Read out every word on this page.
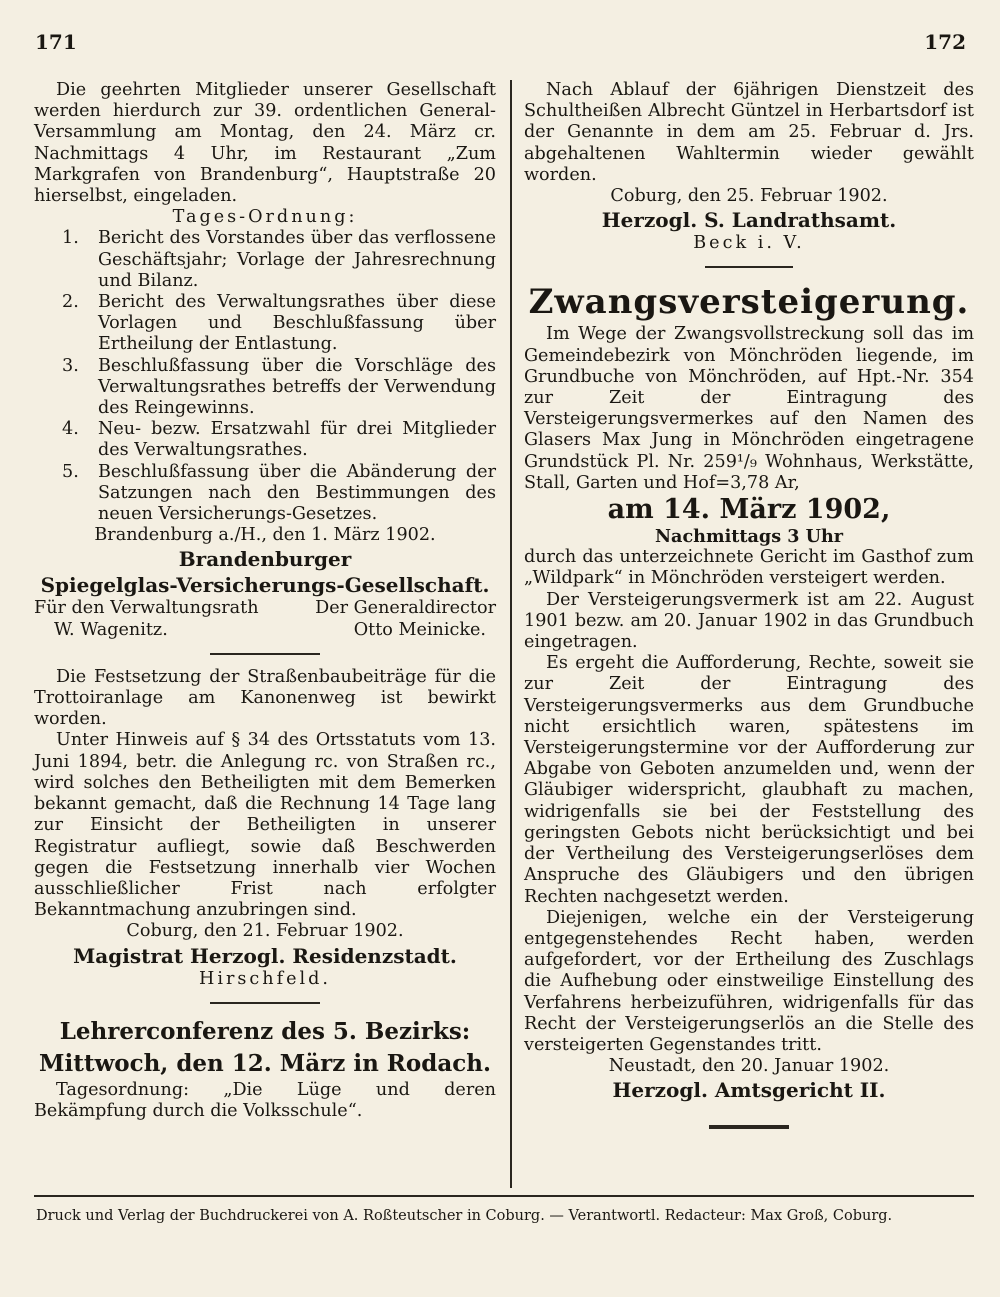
171	172

Die geehrten Mitglieder unserer Gesellschaft werden hierdurch zur 39. ordentlichen General-Versammlung am Montag, den 24. März cr. Nachmittags 4 Uhr, im Restaurant „Zum Markgrafen von Brandenburg“, Hauptstraße 20 hierselbst, eingeladen.

Tages-Ordnung:

1. Bericht des Vorstandes über das verflossene Geschäftsjahr; Vorlage der Jahresrechnung und Bilanz.
2. Bericht des Verwaltungsrathes über diese Vorlagen und Beschlußfassung über Ertheilung der Entlastung.
3. Beschlußfassung über die Vorschläge des Verwaltungsrathes betreffs der Verwendung des Reingewinns.
4. Neu- bezw. Ersatzwahl für drei Mitglieder des Verwaltungsrathes.
5. Beschlußfassung über die Abänderung der Satzungen nach den Bestimmungen des neuen Versicherungs-Gesetzes.

Brandenburg a./H., den 1. März 1902.

Brandenburger

Spiegelglas-Versicherungs-Gesellschaft.

Für den Verwaltungsrath

W. Wagenitz.

Der Generaldirector

Otto Meinicke.

Die Festsetzung der Straßenbaubeiträge für die Trottoiranlage am Kanonenweg ist bewirkt worden.

Unter Hinweis auf § 34 des Ortsstatuts vom 13. Juni 1894, betr. die Anlegung rc. von Straßen rc., wird solches den Betheiligten mit dem Bemerken bekannt gemacht, daß die Rechnung 14 Tage lang zur Einsicht der Betheiligten in unserer Registratur aufliegt, sowie daß Beschwerden gegen die Festsetzung innerhalb vier Wochen ausschließlicher Frist nach erfolgter Bekanntmachung anzubringen sind.

Coburg, den 21. Februar 1902.

Magistrat Herzogl. Residenzstadt.

Hirschfeld.

Lehrerconferenz des 5. Bezirks:

Mittwoch, den 12. März in Rodach.

Tagesordnung: „Die Lüge und deren Bekämpfung durch die Volksschule“.

Nach Ablauf der 6jährigen Dienstzeit des Schultheißen Albrecht Güntzel in Herbartsdorf ist der Genannte in dem am 25. Februar d. Jrs. abgehaltenen Wahltermin wieder gewählt worden.

Coburg, den 25. Februar 1902.

Herzogl. S. Landrathsamt.

Beck i. V.

Zwangsversteigerung.

Im Wege der Zwangsvollstreckung soll das im Gemeindebezirk von Mönchröden liegende, im Grundbuche von Mönchröden, auf Hpt.-Nr. 354 zur Zeit der Eintragung des Versteigerungsvermerkes auf den Namen des Glasers Max Jung in Mönchröden eingetragene Grundstück Pl. Nr. 259¹/₉ Wohnhaus, Werkstätte, Stall, Garten und Hof=3,78 Ar,

am 14. März 1902,

Nachmittags 3 Uhr

durch das unterzeichnete Gericht im Gasthof zum „Wildpark“ in Mönchröden versteigert werden.

Der Versteigerungsvermerk ist am 22. August 1901 bezw. am 20. Januar 1902 in das Grundbuch eingetragen.

Es ergeht die Aufforderung, Rechte, soweit sie zur Zeit der Eintragung des Versteigerungsvermerks aus dem Grundbuche nicht ersichtlich waren, spätestens im Versteigerungstermine vor der Aufforderung zur Abgabe von Geboten anzumelden und, wenn der Gläubiger widerspricht, glaubhaft zu machen, widrigenfalls sie bei der Feststellung des geringsten Gebots nicht berücksichtigt und bei der Vertheilung des Versteigerungserlöses dem Anspruche des Gläubigers und den übrigen Rechten nachgesetzt werden.

Diejenigen, welche ein der Versteigerung entgegenstehendes Recht haben, werden aufgefordert, vor der Ertheilung des Zuschlags die Aufhebung oder einstweilige Einstellung des Verfahrens herbeizuführen, widrigenfalls für das Recht der Versteigerungserlös an die Stelle des versteigerten Gegenstandes tritt.

Neustadt, den 20. Januar 1902.

Herzogl. Amtsgericht II.

Druck und Verlag der Buchdruckerei von A. Roßteutscher in Coburg. — Verantwortl. Redacteur: Max Groß, Coburg.
